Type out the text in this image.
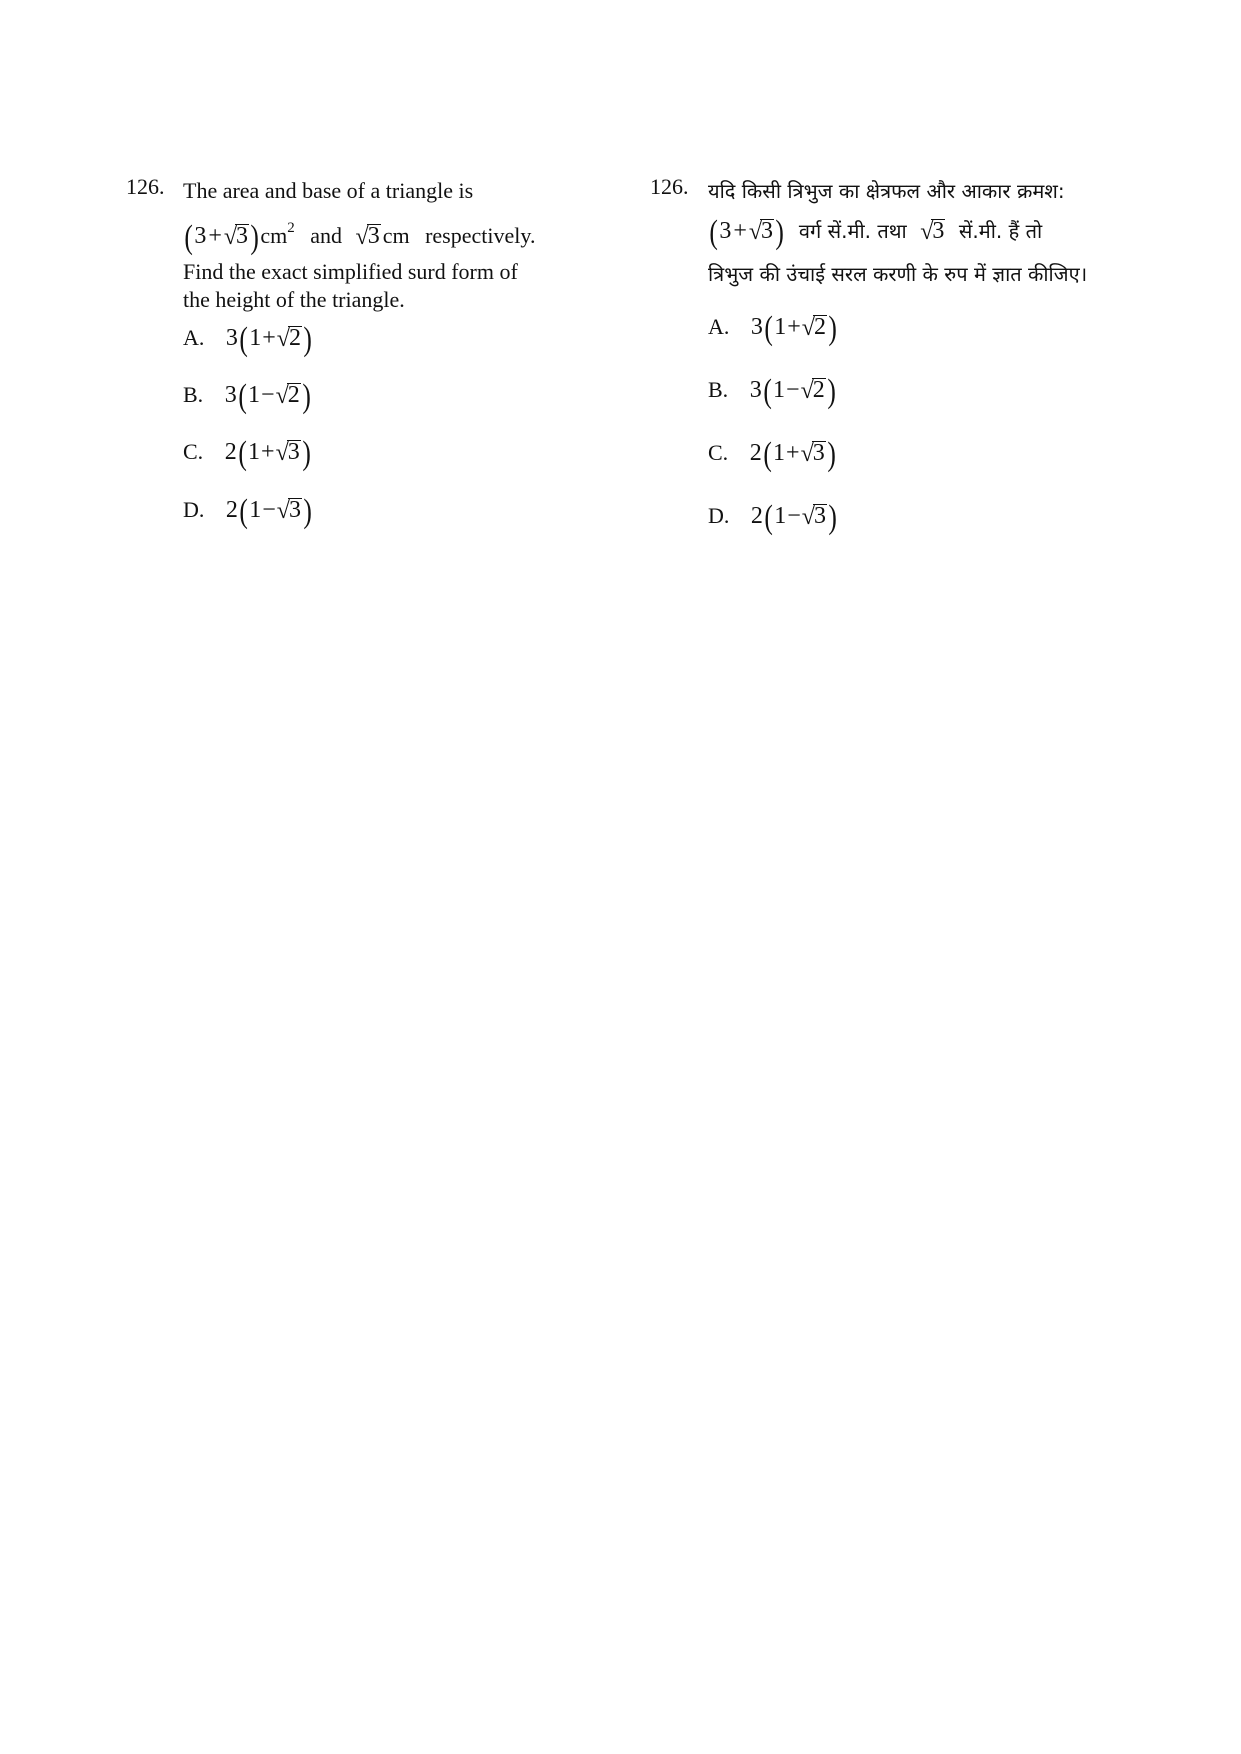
126. The area and base of a triangle is
$(3+√3)cm^2$ and √3 cm respectively.
Find the exact simplified surd form of
the height of the triangle.
A. 3(1+√2)
B. 3(1−√2)
C. 2(1+√3)
D. 2(1−√3)
126. यदि किसी त्रिभुज का क्षेत्रफल और आकार क्रमश:
(3+√3) वर्ग सें.मी. तथा √3 सें.मी. हैं तो
त्रिभुज की उंचाई सरल करणी के रुप में ज्ञात कीजिए।
A. 3(1+√2)
B. 3(1−√2)
C. 2(1+√3)
D. 2(1−√3)
